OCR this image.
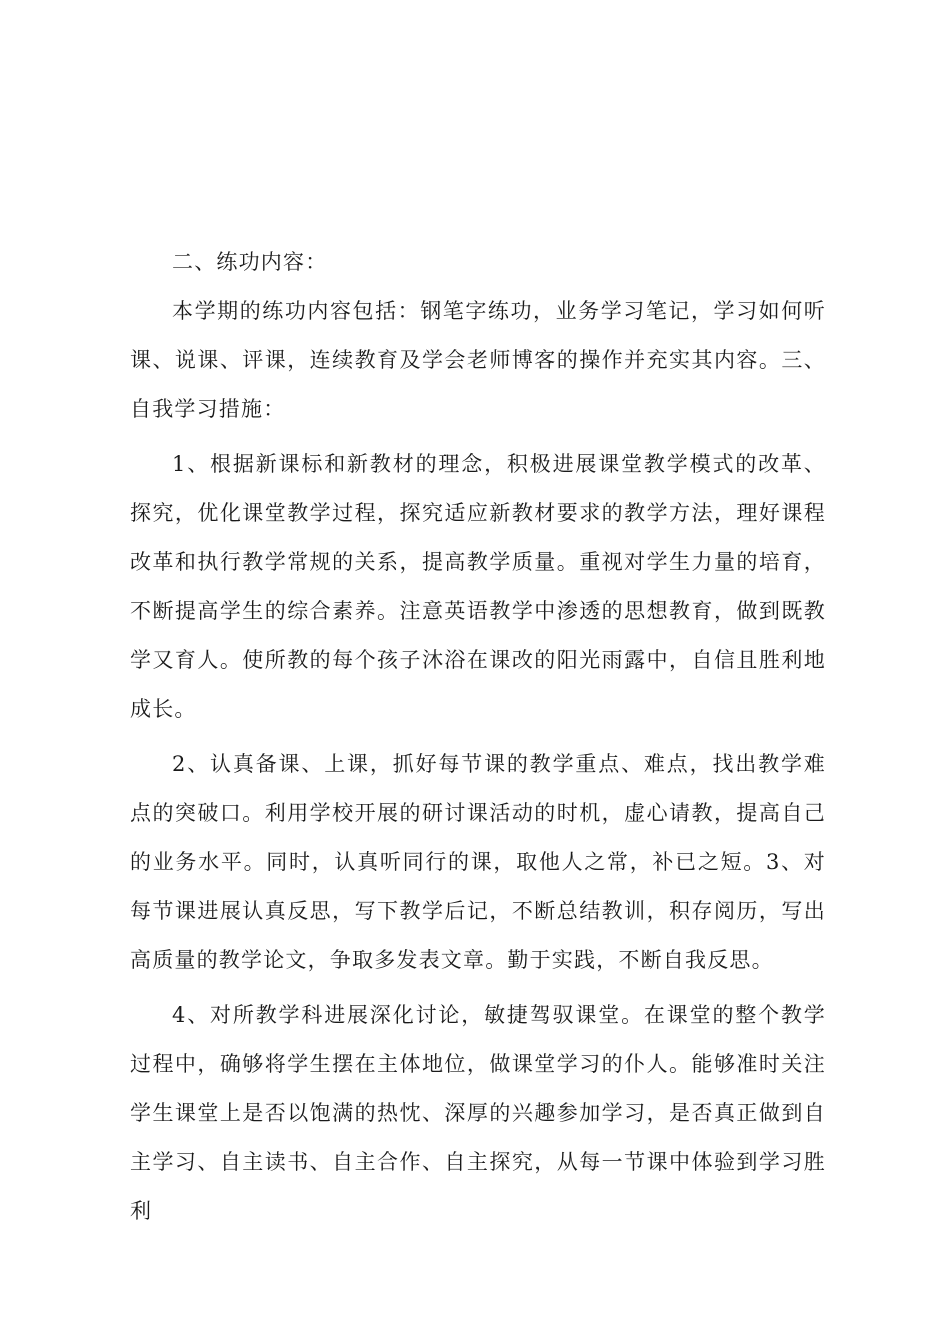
二、练功内容：

本学期的练功内容包括：钢笔字练功，业务学习笔记，学习如何听课、说课、评课，连续教育及学会老师博客的操作并充实其内容。三、自我学习措施：

1、根据新课标和新教材的理念，积极进展课堂教学模式的改革、探究，优化课堂教学过程，探究适应新教材要求的教学方法，理好课程改革和执行教学常规的关系，提高教学质量。重视对学生力量的培育，不断提高学生的综合素养。注意英语教学中渗透的思想教育，做到既教学又育人。使所教的每个孩子沐浴在课改的阳光雨露中，自信且胜利地成长。

2、认真备课、上课，抓好每节课的教学重点、难点，找出教学难点的突破口。利用学校开展的研讨课活动的时机，虚心请教，提高自己的业务水平。同时，认真听同行的课，取他人之常，补已之短。3、对每节课进展认真反思，写下教学后记，不断总结教训，积存阅历，写出高质量的教学论文，争取多发表文章。勤于实践，不断自我反思。

4、对所教学科进展深化讨论，敏捷驾驭课堂。在课堂的整个教学过程中，确够将学生摆在主体地位，做课堂学习的仆人。能够准时关注学生课堂上是否以饱满的热忱、深厚的兴趣参加学习，是否真正做到自主学习、自主读书、自主合作、自主探究，从每一节课中体验到学习胜利
